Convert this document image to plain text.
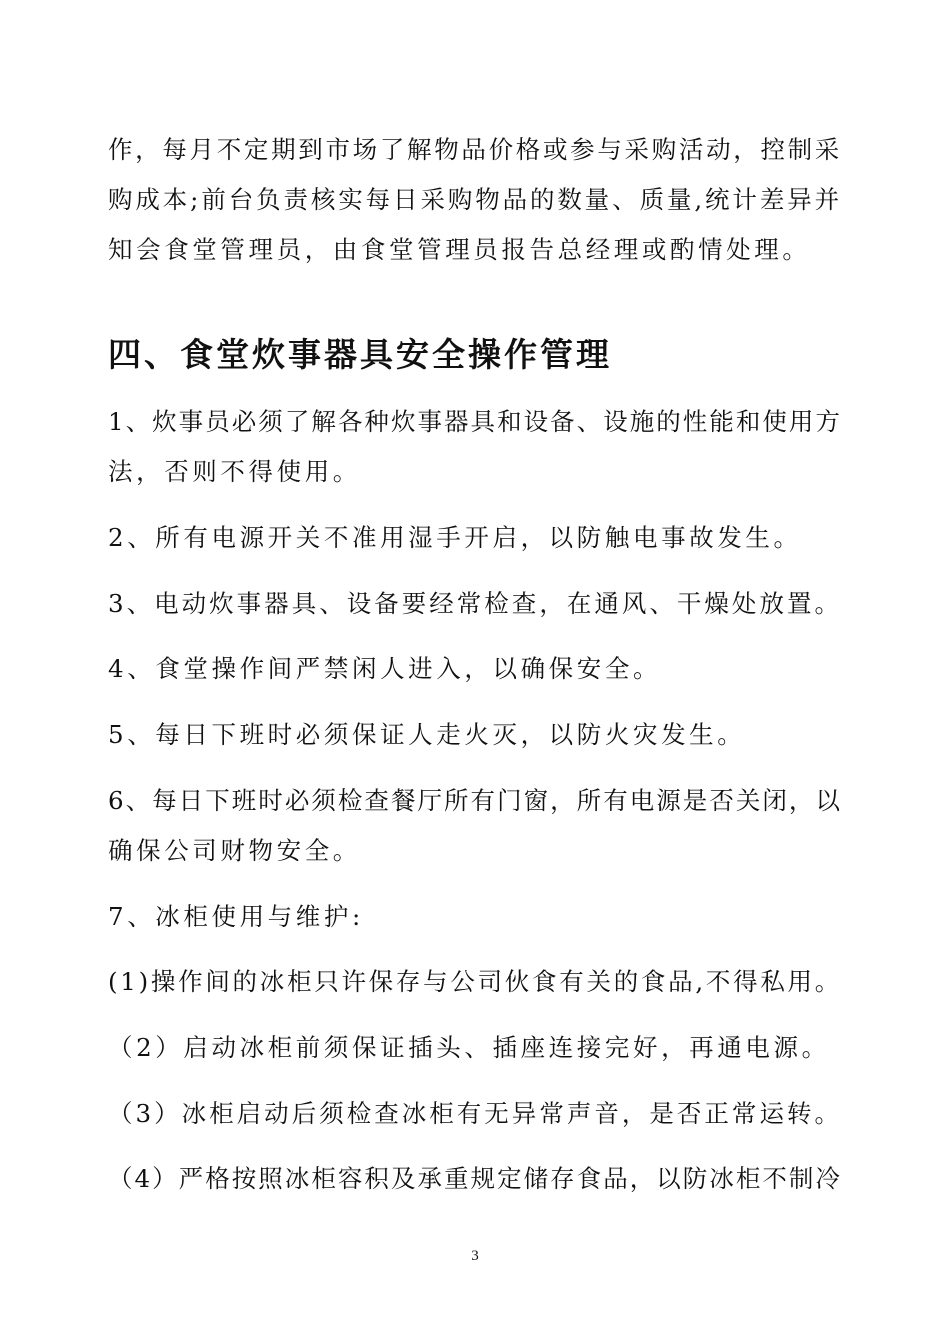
作，每月不定期到市场了解物品价格或参与采购活动，控制采
购成本;前台负责核实每日采购物品的数量、质量,统计差异并
知会食堂管理员，由食堂管理员报告总经理或酌情处理。
四、食堂炊事器具安全操作管理
1、炊事员必须了解各种炊事器具和设备、设施的性能和使用方
法，否则不得使用。
2、所有电源开关不准用湿手开启，以防触电事故发生。
3、电动炊事器具、设备要经常检查，在通风、干燥处放置。
4、食堂操作间严禁闲人进入，以确保安全。
5、每日下班时必须保证人走火灭，以防火灾发生。
6、每日下班时必须检查餐厅所有门窗，所有电源是否关闭，以
确保公司财物安全。
7、冰柜使用与维护:
(1)操作间的冰柜只许保存与公司伙食有关的食品,不得私用。
（2）启动冰柜前须保证插头、插座连接完好，再通电源。
（3）冰柜启动后须检查冰柜有无异常声音，是否正常运转。
（4）严格按照冰柜容积及承重规定储存食品，以防冰柜不制冷
3
